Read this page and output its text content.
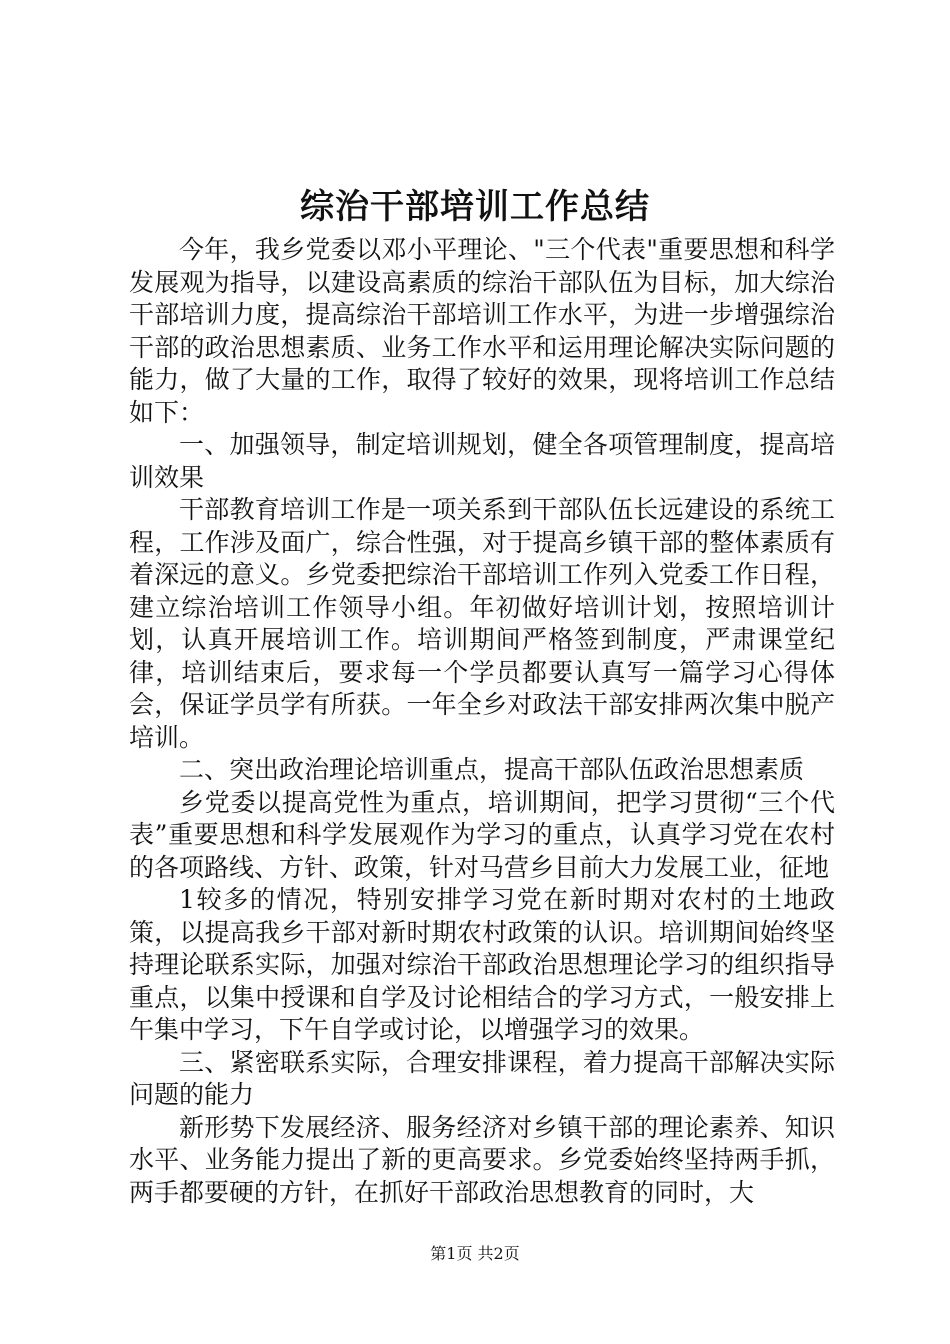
综治干部培训工作总结

今年，我乡党委以邓小平理论、"三个代表"重要思想和科学发展观为指导，以建设高素质的综治干部队伍为目标，加大综治干部培训力度，提高综治干部培训工作水平，为进一步增强综治干部的政治思想素质、业务工作水平和运用理论解决实际问题的能力，做了大量的工作，取得了较好的效果，现将培训工作总结如下：

一、加强领导，制定培训规划，健全各项管理制度，提高培训效果

干部教育培训工作是一项关系到干部队伍长远建设的系统工程，工作涉及面广，综合性强，对于提高乡镇干部的整体素质有着深远的意义。乡党委把综治干部培训工作列入党委工作日程，建立综治培训工作领导小组。年初做好培训计划，按照培训计划，认真开展培训工作。培训期间严格签到制度，严肃课堂纪律，培训结束后，要求每一个学员都要认真写一篇学习心得体会，保证学员学有所获。一年全乡对政法干部安排两次集中脱产培训。

二、突出政治理论培训重点，提高干部队伍政治思想素质

乡党委以提高党性为重点，培训期间，把学习贯彻“三个代表”重要思想和科学发展观作为学习的重点，认真学习党在农村的各项路线、方针、政策，针对马营乡目前大力发展工业，征地

1较多的情况，特别安排学习党在新时期对农村的土地政策，以提高我乡干部对新时期农村政策的认识。培训期间始终坚持理论联系实际，加强对综治干部政治思想理论学习的组织指导重点，以集中授课和自学及讨论相结合的学习方式，一般安排上午集中学习，下午自学或讨论，以增强学习的效果。

三、紧密联系实际，合理安排课程，着力提高干部解决实际问题的能力

新形势下发展经济、服务经济对乡镇干部的理论素养、知识水平、业务能力提出了新的更高要求。乡党委始终坚持两手抓，两手都要硬的方针，在抓好干部政治思想教育的同时，大

第1页 共2页
